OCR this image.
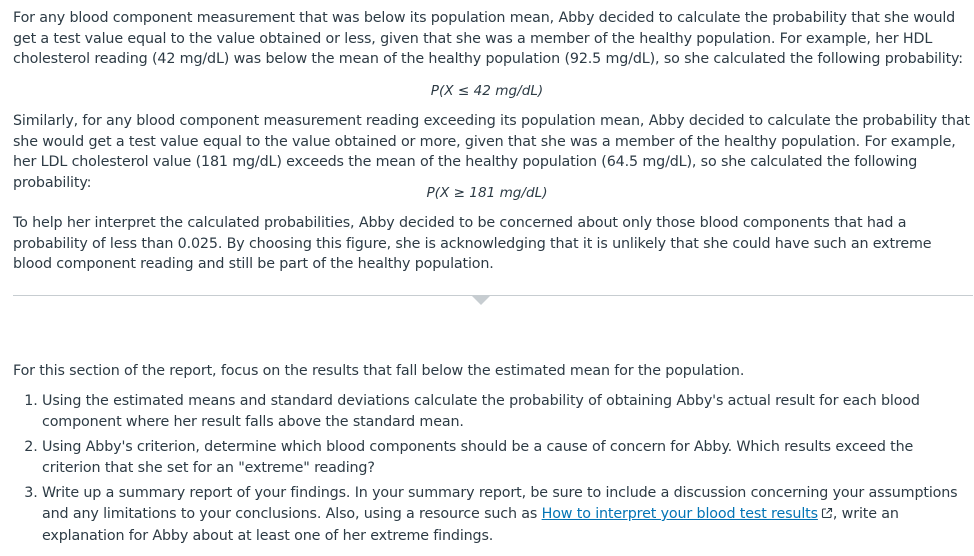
For any blood component measurement that was below its population mean, Abby decided to calculate the probability that she would get a test value equal to the value obtained or less, given that she was a member of the healthy population. For example, her HDL cholesterol reading (42 mg/dL) was below the mean of the healthy population (92.5 mg/dL), so she calculated the following probability:

P(X ≤ 42 mg/dL)

Similarly, for any blood component measurement reading exceeding its population mean, Abby decided to calculate the probability that she would get a test value equal to the value obtained or more, given that she was a member of the healthy population. For example, her LDL cholesterol value (181 mg/dL) exceeds the mean of the healthy population (64.5 mg/dL), so she calculated the following probability:

P(X ≥ 181 mg/dL)

To help her interpret the calculated probabilities, Abby decided to be concerned about only those blood components that had a probability of less than 0.025. By choosing this figure, she is acknowledging that it is unlikely that she could have such an extreme blood component reading and still be part of the healthy population.

For this section of the report, focus on the results that fall below the estimated mean for the population.

1. Using the estimated means and standard deviations calculate the probability of obtaining Abby's actual result for each blood component where her result falls above the standard mean.
2. Using Abby's criterion, determine which blood components should be a cause of concern for Abby. Which results exceed the criterion that she set for an "extreme" reading?
3. Write up a summary report of your findings. In your summary report, be sure to include a discussion concerning your assumptions and any limitations to your conclusions. Also, using a resource such as How to interpret your blood test results , write an explanation for Abby about at least one of her extreme findings.
